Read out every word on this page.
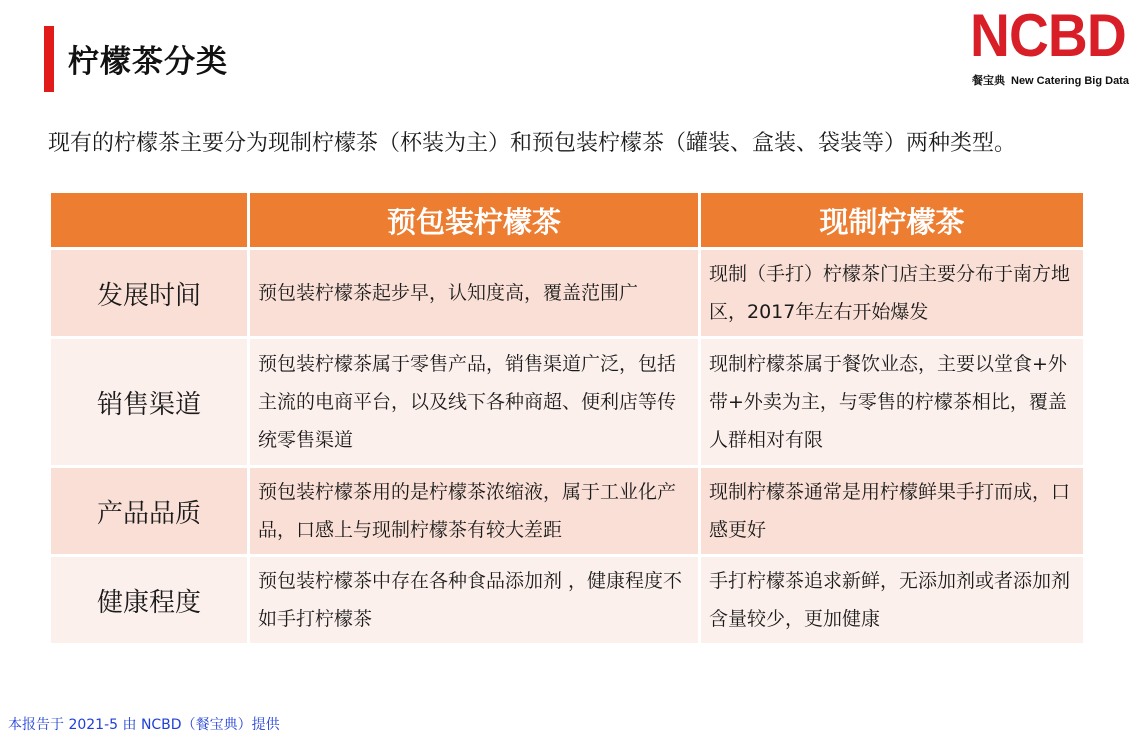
柠檬茶分类	NCBD
餐宝典 New Catering Big Data
现有的柠檬茶主要分为现制柠檬茶（杯装为主）和预包装柠檬茶（罐装、盒装、袋装等）两种类型。
	预包装柠檬茶	现制柠檬茶
发展时间	预包装柠檬茶起步早，认知度高，覆盖范围广	现制（手打）柠檬茶门店主要分布于南方地区，2017年左右开始爆发
销售渠道	预包装柠檬茶属于零售产品，销售渠道广泛，包括主流的电商平台，以及线下各种商超、便利店等传统零售渠道	现制柠檬茶属于餐饮业态，主要以堂食+外带+外卖为主，与零售的柠檬茶相比，覆盖人群相对有限
产品品质	预包装柠檬茶用的是柠檬茶浓缩液，属于工业化产品，口感上与现制柠檬茶有较大差距	现制柠檬茶通常是用柠檬鲜果手打而成，口感更好
健康程度	预包装柠檬茶中存在各种食品添加剂 ，健康程度不如手打柠檬茶	手打柠檬茶追求新鲜，无添加剂或者添加剂含量较少，更加健康
本报告于 2021-5 由 NCBD（餐宝典）提供
